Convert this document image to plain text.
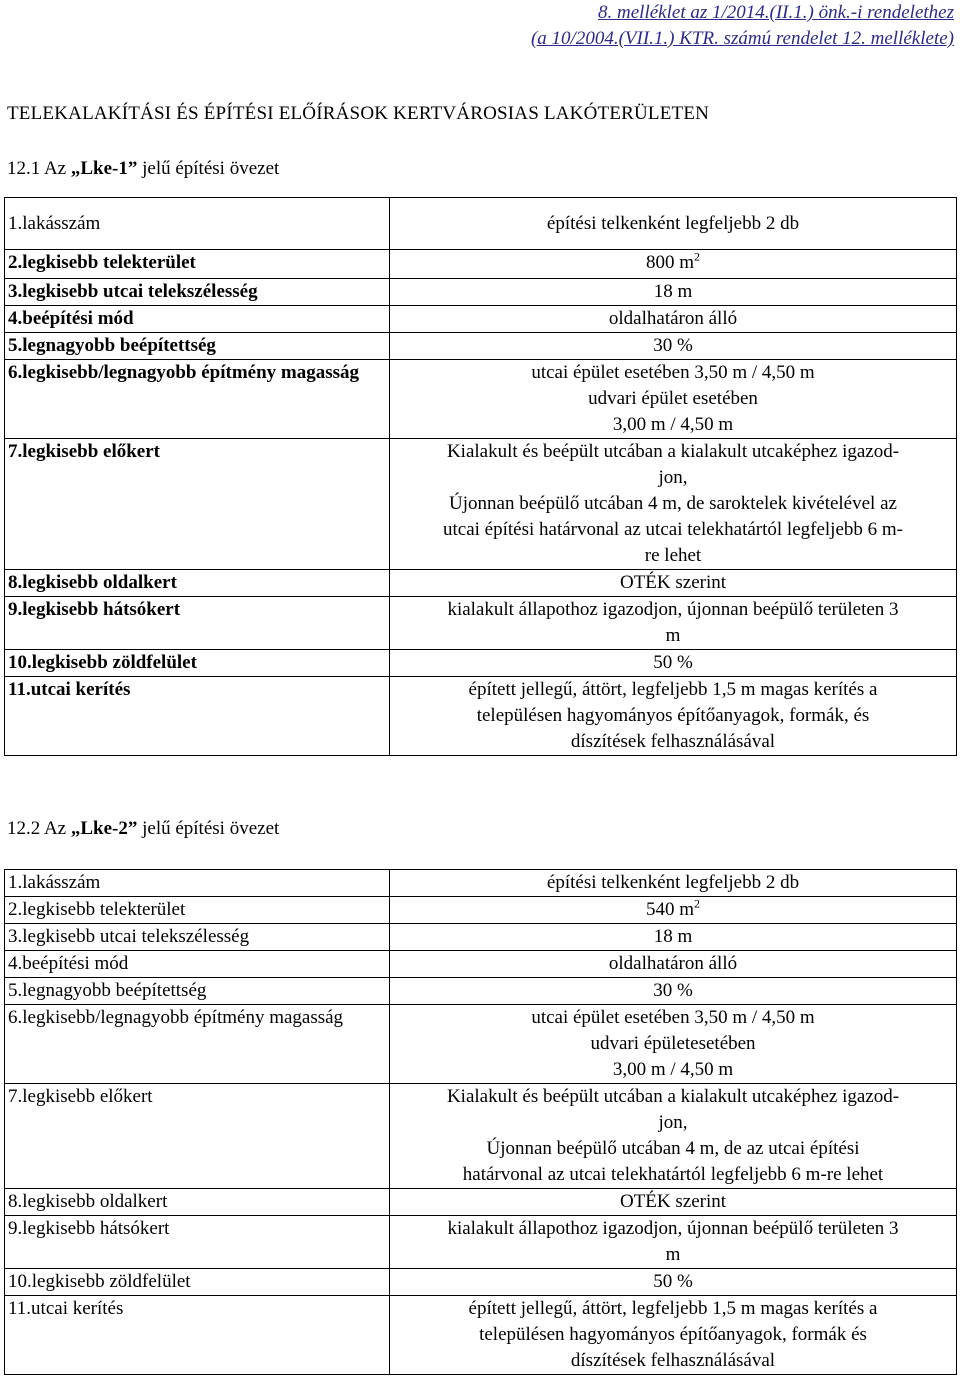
8. melléklet az 1/2014.(II.1.) önk.-i rendelethez
(a 10/2004.(VII.1.) KTR. számú rendelet 12. melléklete)
TELEKALAKÍTÁSI ÉS ÉPÍTÉSI ELŐÍRÁSOK KERTVÁROSIAS LAKÓTERÜLETEN
12.1 Az „Lke-1” jelű építési övezet
1.lakásszám	építési telkenként legfeljebb 2 db
2.legkisebb telekterület	800 $m^2$
3.legkisebb utcai telekszélesség	18 m
4.beépítési mód	oldalhatáron álló
5.legnagyobb beépítettség	30 %
6.legkisebb/legnagyobb építmény magasság	utcai épület esetében 3,50 m / 4,50 m
udvari épület esetében
3,00 m / 4,50 m

7.legkisebb előkert	Kialakult és beépült utcában a kialakult utcaképhez igazod-
jon,
Újonnan beépülő utcában 4 m, de saroktelek kivételével az
utcai építési határvonal az utcai telekhatártól legfeljebb 6 m-
re lehet

8.legkisebb oldalkert	OTÉK szerint
9.legkisebb hátsókert	kialakult állapothoz igazodjon, újonnan beépülő területen 3
m

10.legkisebb zöldfelület	50 %
11.utcai kerítés	épített jellegű, áttört, legfeljebb 1,5 m magas kerítés a
településen hagyományos építőanyagok, formák, és
díszítések felhasználásával
12.2 Az „Lke-2” jelű építési övezet
1.lakásszám	építési telkenként legfeljebb 2 db
2.legkisebb telekterület	540 $m^2$
3.legkisebb utcai telekszélesség	18 m
4.beépítési mód	oldalhatáron álló
5.legnagyobb beépítettség	30 %
6.legkisebb/legnagyobb építmény magasság	utcai épület esetében 3,50 m / 4,50 m
udvari épületesetében
3,00 m / 4,50 m

7.legkisebb előkert	Kialakult és beépült utcában a kialakult utcaképhez igazod-
jon,
Újonnan beépülő utcában 4 m, de az utcai építési
határvonal az utcai telekhatártól legfeljebb 6 m-re lehet

8.legkisebb oldalkert	OTÉK szerint
9.legkisebb hátsókert	kialakult állapothoz igazodjon, újonnan beépülő területen 3
m

10.legkisebb zöldfelület	50 %
11.utcai kerítés	épített jellegű, áttört, legfeljebb 1,5 m magas kerítés a
településen hagyományos építőanyagok, formák és
díszítések felhasználásával
